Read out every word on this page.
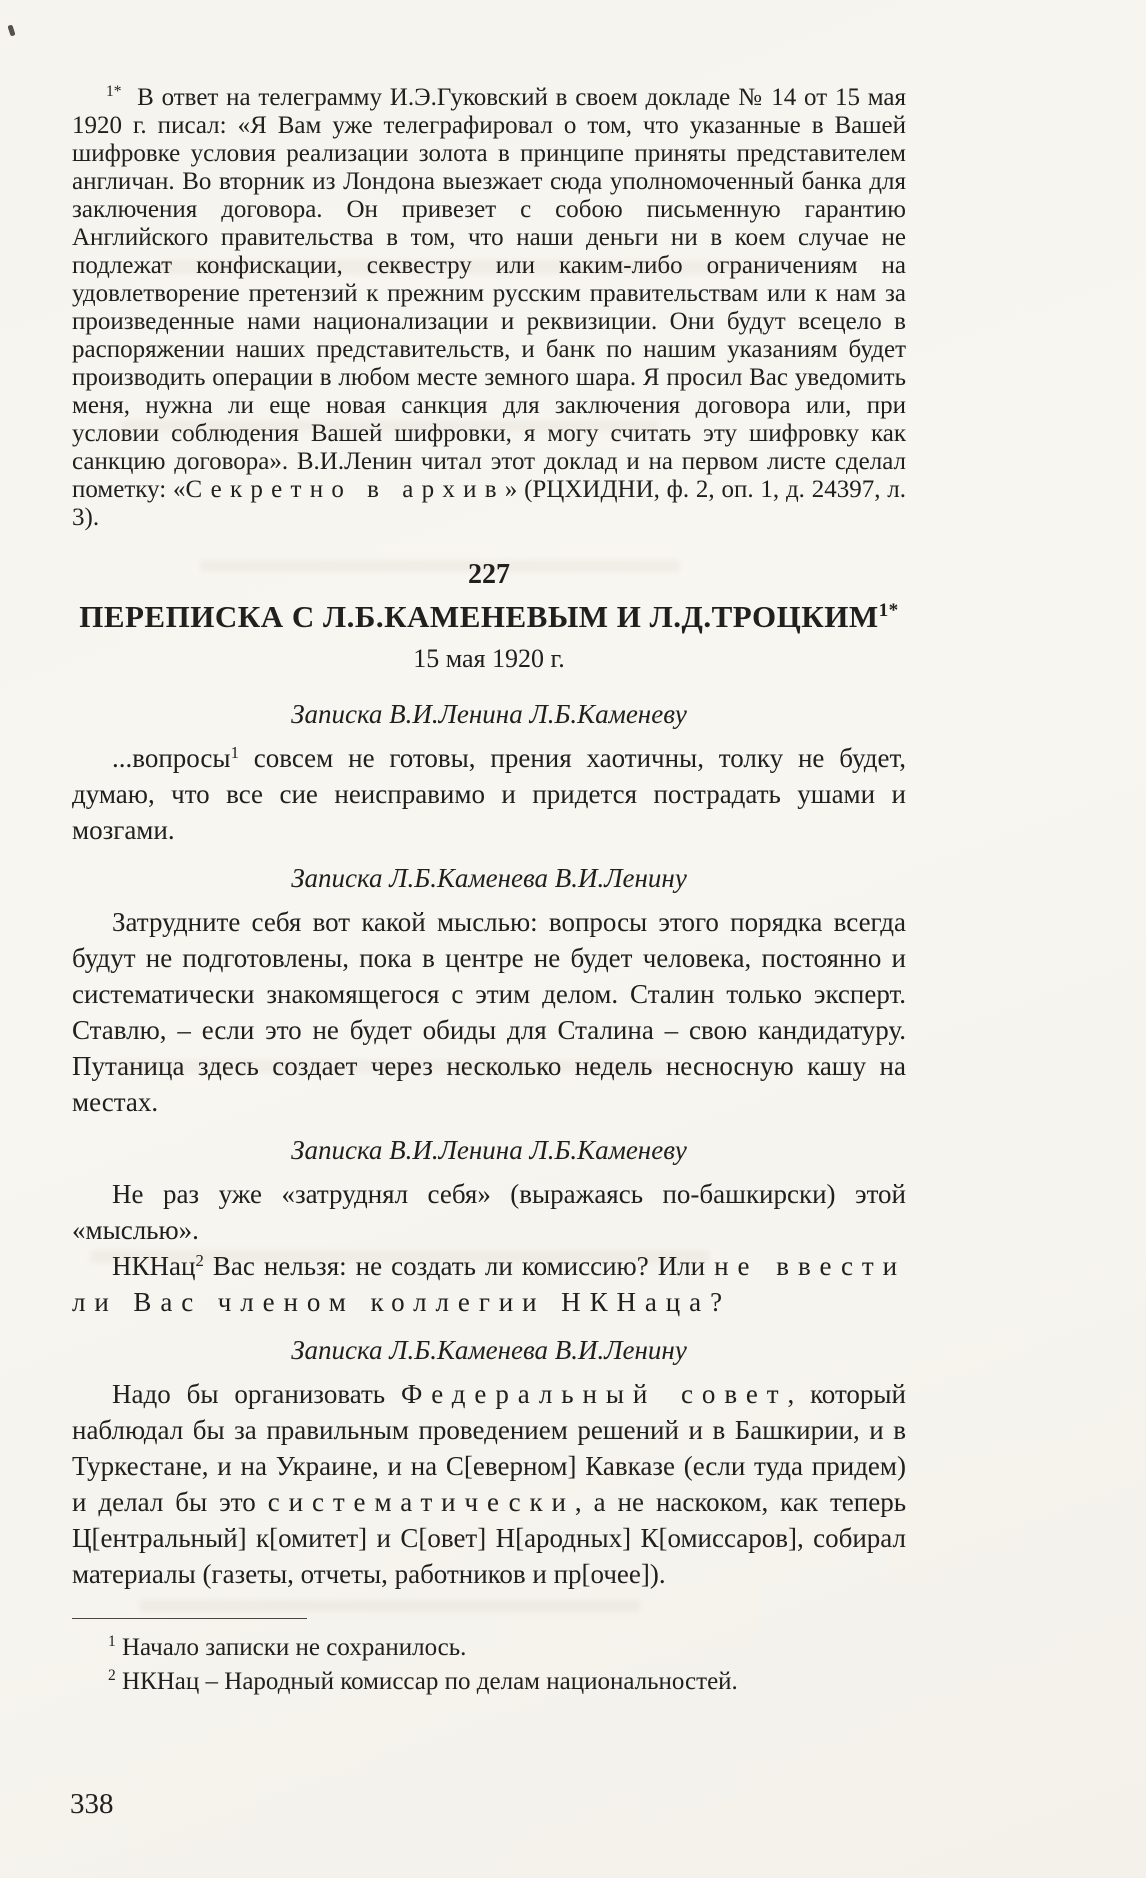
$^{1*}$ В ответ на телеграмму И.Э.Гуковский в своем докладе № 14 от 15 мая 1920 г. писал: «Я Вам уже телеграфировал о том, что указанные в Вашей шифровке условия реализации золота в принципе приняты представителем англичан. Во вторник из Лондона выезжает сюда уполномоченный банка для заключения договора. Он привезет с собою письменную гарантию Английского правительства в том, что наши деньги ни в коем случае не подлежат конфискации, секвестру или каким-либо ограничениям на удовлетворение претензий к прежним русским правительствам или к нам за произведенные нами национализации и реквизиции. Они будут всецело в распоряжении наших представительств, и банк по нашим указаниям будет производить операции в любом месте земного шара. Я просил Вас уведомить меня, нужна ли еще новая санкция для заключения договора или, при условии соблюдения Вашей шифровки, я могу считать эту шифровку как санкцию договора». В.И.Ленин читал этот доклад и на первом листе сделал пометку: «Секретно в архив» (РЦХИДНИ, ф. 2, оп. 1, д. 24397, л. 3).

227
ПЕРЕПИСКА С Л.Б.КАМЕНЕВЫМ И $Л.Д.ТРОЦКИМ^{1*}$
15 мая 1920 г.
Записка В.И.Ленина Л.Б.Каменеву

...вопросы$^1$ совсем не готовы, прения хаотичны, толку не будет, думаю, что все сие неисправимо и придется пострадать ушами и мозгами.

Записка Л.Б.Каменева В.И.Ленину

Затрудните себя вот какой мыслью: вопросы этого порядка всегда будут не подготовлены, пока в центре не будет человека, постоянно и систематически знакомящегося с этим делом. Сталин только эксперт. Ставлю, – если это не будет обиды для Сталина – свою кандидатуру. Путаница здесь создает через несколько недель несносную кашу на местах.

Записка В.И.Ленина Л.Б.Каменеву

Не раз уже «затруднял себя» (выражаясь по-башкирски) этой «мыслью».

НКНац$^2$ Вас нельзя: не создать ли комиссию? Или не ввести ли Вас членом коллегии НКНаца?

Записка Л.Б.Каменева В.И.Ленину

Надо бы организовать Федеральный совет, который наблюдал бы за правильным проведением решений и в Башкирии, и в Туркестане, и на Украине, и на С[еверном] Кавказе (если туда придем) и делал бы это систематически, а не наскоком, как теперь Ц[ентральный] к[омитет] и С[овет] Н[ародных] К[омиссаров], собирал материалы (газеты, отчеты, работников и пр[очее]).

$^1$ Начало записки не сохранилось.

$^2$ НКНац – Народный комиссар по делам национальностей.

338
